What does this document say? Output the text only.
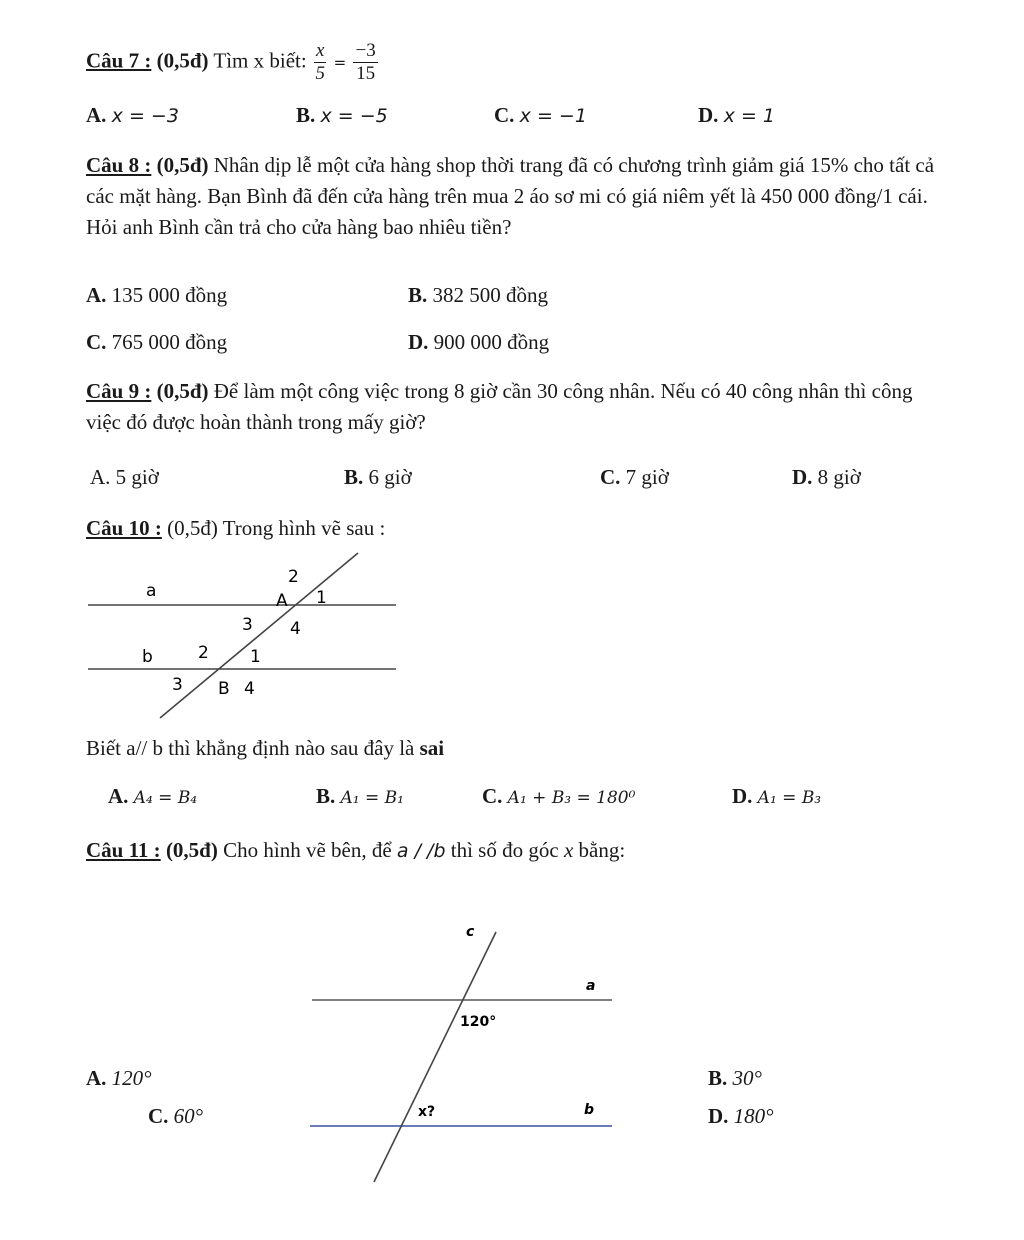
Câu 7 : (0,5đ) Tìm x biết: $\frac{x}{5} = \frac{-3}{15}$
A. x = −3	B. x = −5	C. x = −1	D. x = 1
Câu 8 : (0,5đ) Nhân dịp lễ một cửa hàng shop thời trang đã có chương trình giảm giá 15% cho tất cả các mặt hàng. Bạn Bình đã đến cửa hàng trên mua 2 áo sơ mi có giá niêm yết là 450 000 đồng/1 cái. Hỏi anh Bình cần trả cho cửa hàng bao nhiêu tiền?
A. 135 000 đồng	B. 382 500 đồng
C. 765 000 đồng	D. 900 000 đồng
Câu 9 : (0,5đ) Để làm một công việc trong 8 giờ cần 30 công nhân. Nếu có 40 công nhân thì công việc đó được hoàn thành trong mấy giờ?
A. 5 giờ	B. 6 giờ	C. 7 giờ	D. 8 giờ
Câu 10 : (0,5đ) Trong hình vẽ sau :
a
b
A
B
1
2
3 4
1
2
3	4
Biết a// b thì khẳng định nào sau đây là sai
A. A₄ = B₄	B. A₁ = B₁	C. A₁ + B₃ = 180⁰	D. A₁ = B₃
Câu 11 : (0,5đ) Cho hình vẽ bên, để a / /b thì số đo góc x bằng:
c
a
b
120°
x?
A. 120°	B. 30°
C. 60°	D. 180°
